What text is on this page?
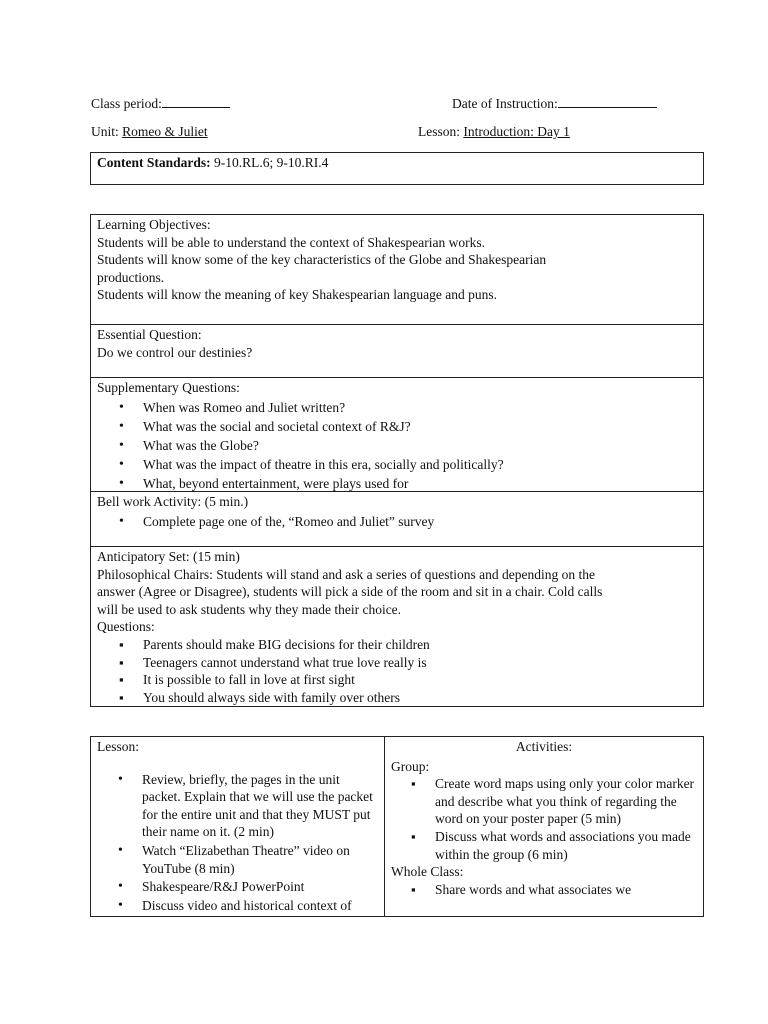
Class period:	Date of Instruction:
Unit: Romeo & Juliet	Lesson: Introduction: Day 1
Content Standards: 9-10.RL.6; 9-10.RI.4
Learning Objectives:
Students will be able to understand the context of Shakespearian works.
Students will know some of the key characteristics of the Globe and Shakespearian
productions.
Students will know the meaning of key Shakespearian language and puns.
Essential Question:
Do we control our destinies?
Supplementary Questions:
• When was Romeo and Juliet written?
• What was the social and societal context of R&J?
• What was the Globe?
• What was the impact of theatre in this era, socially and politically?
• What, beyond entertainment, were plays used for
Bell work Activity: (5 min.)
• Complete page one of the, “Romeo and Juliet” survey
Anticipatory Set: (15 min)
Philosophical Chairs: Students will stand and ask a series of questions and depending on the
answer (Agree or Disagree), students will pick a side of the room and sit in a chair. Cold calls
will be used to ask students why they made their choice.
Questions:
▪ Parents should make BIG decisions for their children
▪ Teenagers cannot understand what true love really is
▪ It is possible to fall in love at first sight
▪ You should always side with family over others
Lesson:
• Review, briefly, the pages in the unit packet. Explain that we will use the packet for the entire unit and that they MUST put their name on it. (2 min)
• Watch “Elizabethan Theatre” video on YouTube (8 min)
• Shakespeare/R&J PowerPoint
• Discuss video and historical context of
Activities:
Group:
▪ Create word maps using only your color marker and describe what you think of regarding the word on your poster paper (5 min)
▪ Discuss what words and associations you made within the group (6 min)
Whole Class:
▪ Share words and what associates we
